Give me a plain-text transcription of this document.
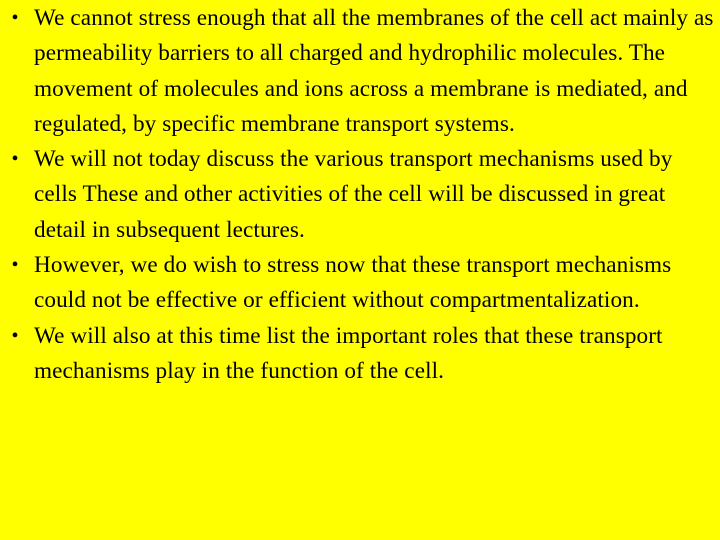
• We cannot stress enough that all the membranes of the cell act mainly as permeability barriers to all charged and hydrophilic molecules. The movement of molecules and ions across a membrane is mediated, and regulated, by specific membrane transport systems.
• We will not today discuss the various transport mechanisms used by cells These and other activities of the cell will be discussed in great detail in subsequent lectures.
• However, we do wish to stress now that these transport mechanisms could not be effective or efficient without compartmentalization.
• We will also at this time list the important roles that these transport mechanisms play in the function of the cell.
